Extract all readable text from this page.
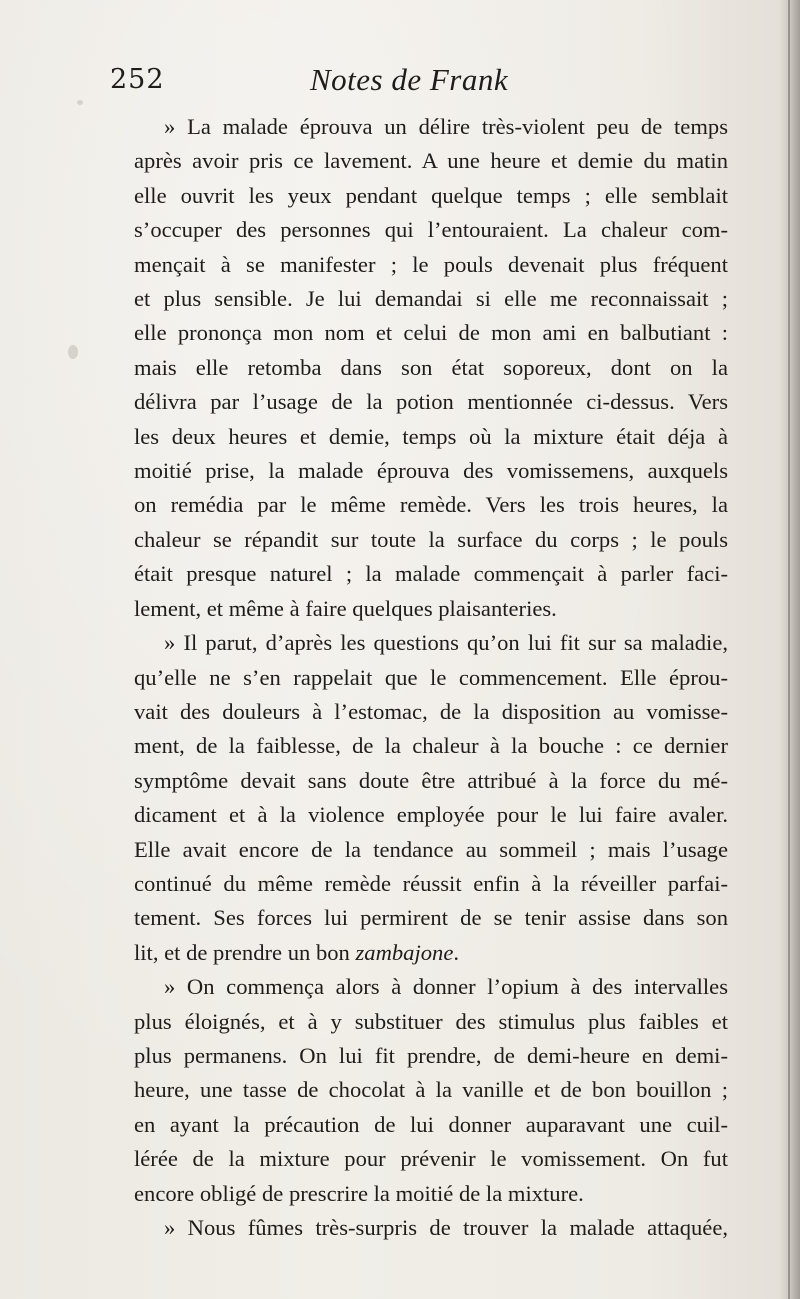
252	Notes de Frank
» La malade éprouva un délire très-violent peu de temps
après avoir pris ce lavement. A une heure et demie du matin
elle ouvrit les yeux pendant quelque temps ; elle semblait
s’occuper des personnes qui l’entouraient. La chaleur com-
mençait à se manifester ; le pouls devenait plus fréquent
et plus sensible. Je lui demandai si elle me reconnaissait ;
elle prononça mon nom et celui de mon ami en balbutiant :
mais elle retomba dans son état soporeux, dont on la
délivra par l’usage de la potion mentionnée ci-dessus. Vers
les deux heures et demie, temps où la mixture était déja à
moitié prise, la malade éprouva des vomissemens, auxquels
on remédia par le même remède. Vers les trois heures, la
chaleur se répandit sur toute la surface du corps ; le pouls
était presque naturel ; la malade commençait à parler faci-
lement, et même à faire quelques plaisanteries.
» Il parut, d’après les questions qu’on lui fit sur sa maladie,
qu’elle ne s’en rappelait que le commencement. Elle éprou-
vait des douleurs à l’estomac, de la disposition au vomisse-
ment, de la faiblesse, de la chaleur à la bouche : ce dernier
symptôme devait sans doute être attribué à la force du mé-
dicament et à la violence employée pour le lui faire avaler.
Elle avait encore de la tendance au sommeil ; mais l’usage
continué du même remède réussit enfin à la réveiller parfai-
tement. Ses forces lui permirent de se tenir assise dans son
lit, et de prendre un bon zambajone.
» On commença alors à donner l’opium à des intervalles
plus éloignés, et à y substituer des stimulus plus faibles et
plus permanens. On lui fit prendre, de demi-heure en demi-
heure, une tasse de chocolat à la vanille et de bon bouillon ;
en ayant la précaution de lui donner auparavant une cuil-
lérée de la mixture pour prévenir le vomissement. On fut
encore obligé de prescrire la moitié de la mixture.
» Nous fûmes très-surpris de trouver la malade attaquée,
